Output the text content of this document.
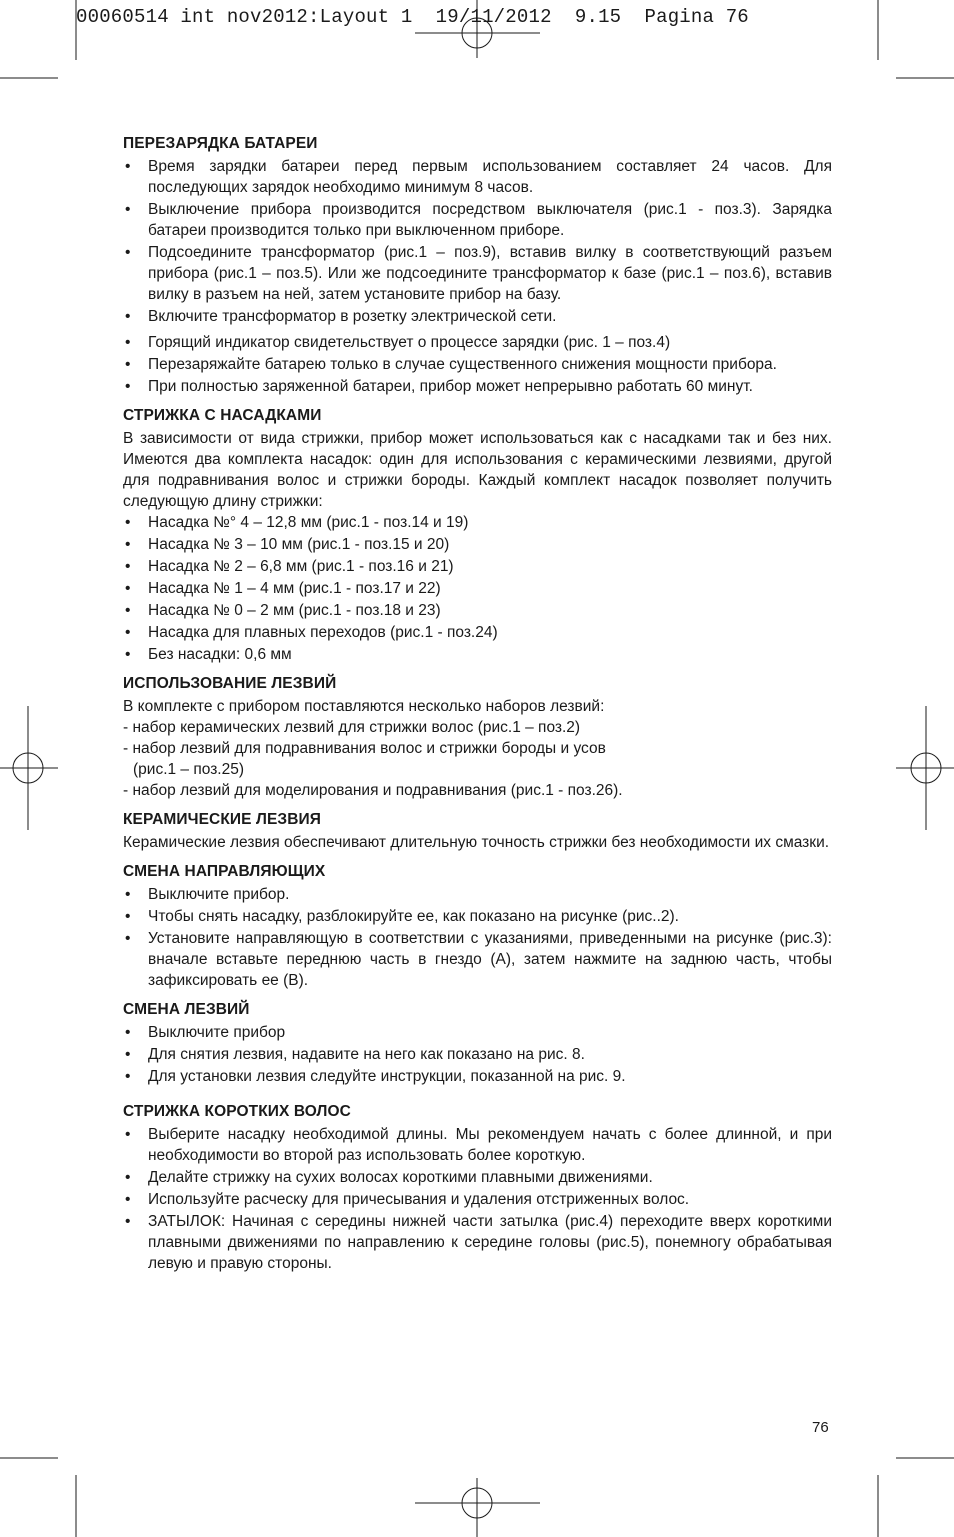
00060514 int nov2012:Layout 1  19/11/2012  9.15  Pagina 76
ПЕРЕЗАРЯДКА БАТАРЕИ
• Время зарядки батареи перед первым использованием составляет 24 часов. Для последующих зарядок необходимо минимум 8 часов.
• Выключение прибора производится посредством выключателя (рис.1 - поз.3). Зарядка батареи производится только при выключенном приборе.
• Подсоедините трансформатор (рис.1 – поз.9), вставив вилку в соответствующий разъем прибора (рис.1 – поз.5). Или же подсоедините трансформатор к базе (рис.1 – поз.6), вставив вилку в разъем на ней, затем установите прибор на базу.
• Включите трансформатор в розетку электрической сети.
• Горящий индикатор свидетельствует о процессе зарядки (рис. 1 – поз.4)
• Перезаряжайте батарею только в случае существенного снижения мощности прибора.
• При полностью заряженной батареи, прибор может непрерывно работать 60 минут.
СТРИЖКА С НАСАДКАМИ

В зависимости от вида стрижки, прибор может использоваться как с насадками так и без них. Имеются два комплекта насадок: один для использования с керамическими лезвиями, другой для подравнивания волос и стрижки бороды. Каждый комплект насадок позволяет получить следующую длину стрижки:

• Насадка №° 4 – 12,8 мм (рис.1 - поз.14 и 19)
• Насадка № 3 – 10 мм (рис.1 - поз.15 и 20)
• Насадка № 2 – 6,8 мм (рис.1 - поз.16 и 21)
• Насадка № 1 – 4 мм (рис.1 - поз.17 и 22)
• Насадка № 0 – 2 мм (рис.1 - поз.18 и 23)
• Насадка для плавных переходов (рис.1 - поз.24)
• Без насадки: 0,6 мм
ИСПОЛЬЗОВАНИЕ ЛЕЗВИЙ

В комплекте с прибором поставляются несколько наборов лезвий:

- набор керамических лезвий для стрижки волос (рис.1 – поз.2)

- набор лезвий для подравнивания волос и стрижки бороды и усов

(рис.1 – поз.25)

- набор лезвий для моделирования и подравнивания (рис.1 - поз.26).

КЕРАМИЧЕСКИЕ ЛЕЗВИЯ

Керамические лезвия обеспечивают длительную точность стрижки без необходимости их смазки.

СМЕНА НАПРАВЛЯЮЩИХ
• Выключите прибор.
• Чтобы снять насадку, разблокируйте ее, как показано на рисунке (рис..2).
• Установите направляющую в соответствии с указаниями, приведенными на рисунке (рис.3): вначале вставьте переднюю часть в гнездо (А), затем нажмите на заднюю часть, чтобы зафиксировать ее (В).
СМЕНА ЛЕЗВИЙ
• Выключите прибор
• Для снятия лезвия, надавите на него как показано на рис. 8.
• Для установки лезвия следуйте инструкции, показанной на рис. 9.
СТРИЖКА КОРОТКИХ ВОЛОС
• Выберите насадку необходимой длины. Мы рекомендуем начать с более длинной, и при необходимости во второй раз использовать более короткую.
• Делайте стрижку на сухих волосах короткими плавными движениями.
• Используйте расческу для причесывания и удаления отстриженных волос.
• ЗАТЫЛОК: Начиная с середины нижней части затылка (рис.4) переходите вверх короткими плавными движениями по направлению к середине головы (рис.5), понемногу обрабатывая левую и правую стороны.
76
